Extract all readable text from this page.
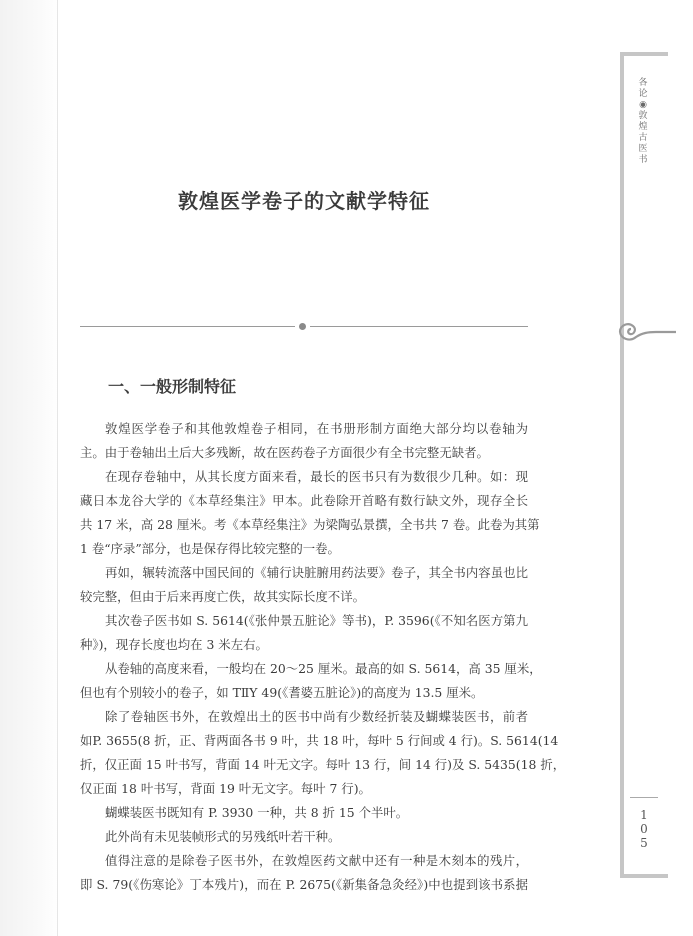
敦煌医学卷子的文献学特征
一、一般形制特征
敦煌医学卷子和其他敦煌卷子相同，在书册形制方面绝大部分均以卷轴为
主。由于卷轴出土后大多残断，故在医药卷子方面很少有全书完整无缺者。
在现存卷轴中，从其长度方面来看，最长的医书只有为数很少几种。如：现
藏日本龙谷大学的《本草经集注》甲本。此卷除开首略有数行缺文外，现存全长
共 17 米，高 28 厘米。考《本草经集注》为梁陶弘景撰，全书共 7 卷。此卷为其第
1 卷“序录”部分，也是保存得比较完整的一卷。
再如，辗转流落中国民间的《辅行诀脏腑用药法要》卷子，其全书内容虽也比
较完整，但由于后来再度亡佚，故其实际长度不详。
其次卷子医书如 S. 5614(《张仲景五脏论》等书)，P. 3596(《不知名医方第九
种》)，现存长度也均在 3 米左右。
从卷轴的高度来看，一般均在 20～25 厘米。最高的如 S. 5614，高 35 厘米，
但也有个别较小的卷子，如 TⅡY 49(《耆婆五脏论》)的高度为 13.5 厘米。
除了卷轴医书外，在敦煌出土的医书中尚有少数经折装及蝴蝶装医书，前者
如P. 3655(8 折，正、背两面各书 9 叶，共 18 叶，每叶 5 行间或 4 行)。S. 5614(14
折，仅正面 15 叶书写，背面 14 叶无文字。每叶 13 行，间 14 行)及 S. 5435(18 折，
仅正面 18 叶书写，背面 19 叶无文字。每叶 7 行)。
蝴蝶装医书既知有 P. 3930 一种，共 8 折 15 个半叶。
此外尚有未见装帧形式的另残纸叶若干种。
值得注意的是除卷子医书外，在敦煌医药文献中还有一种是木刻本的残片，
即 S. 79(《伤寒论》丁本残片)，而在 P. 2675(《新集备急灸经》)中也提到该书系据
各
论
◉
敦
煌
古
医
书
1
0
5
